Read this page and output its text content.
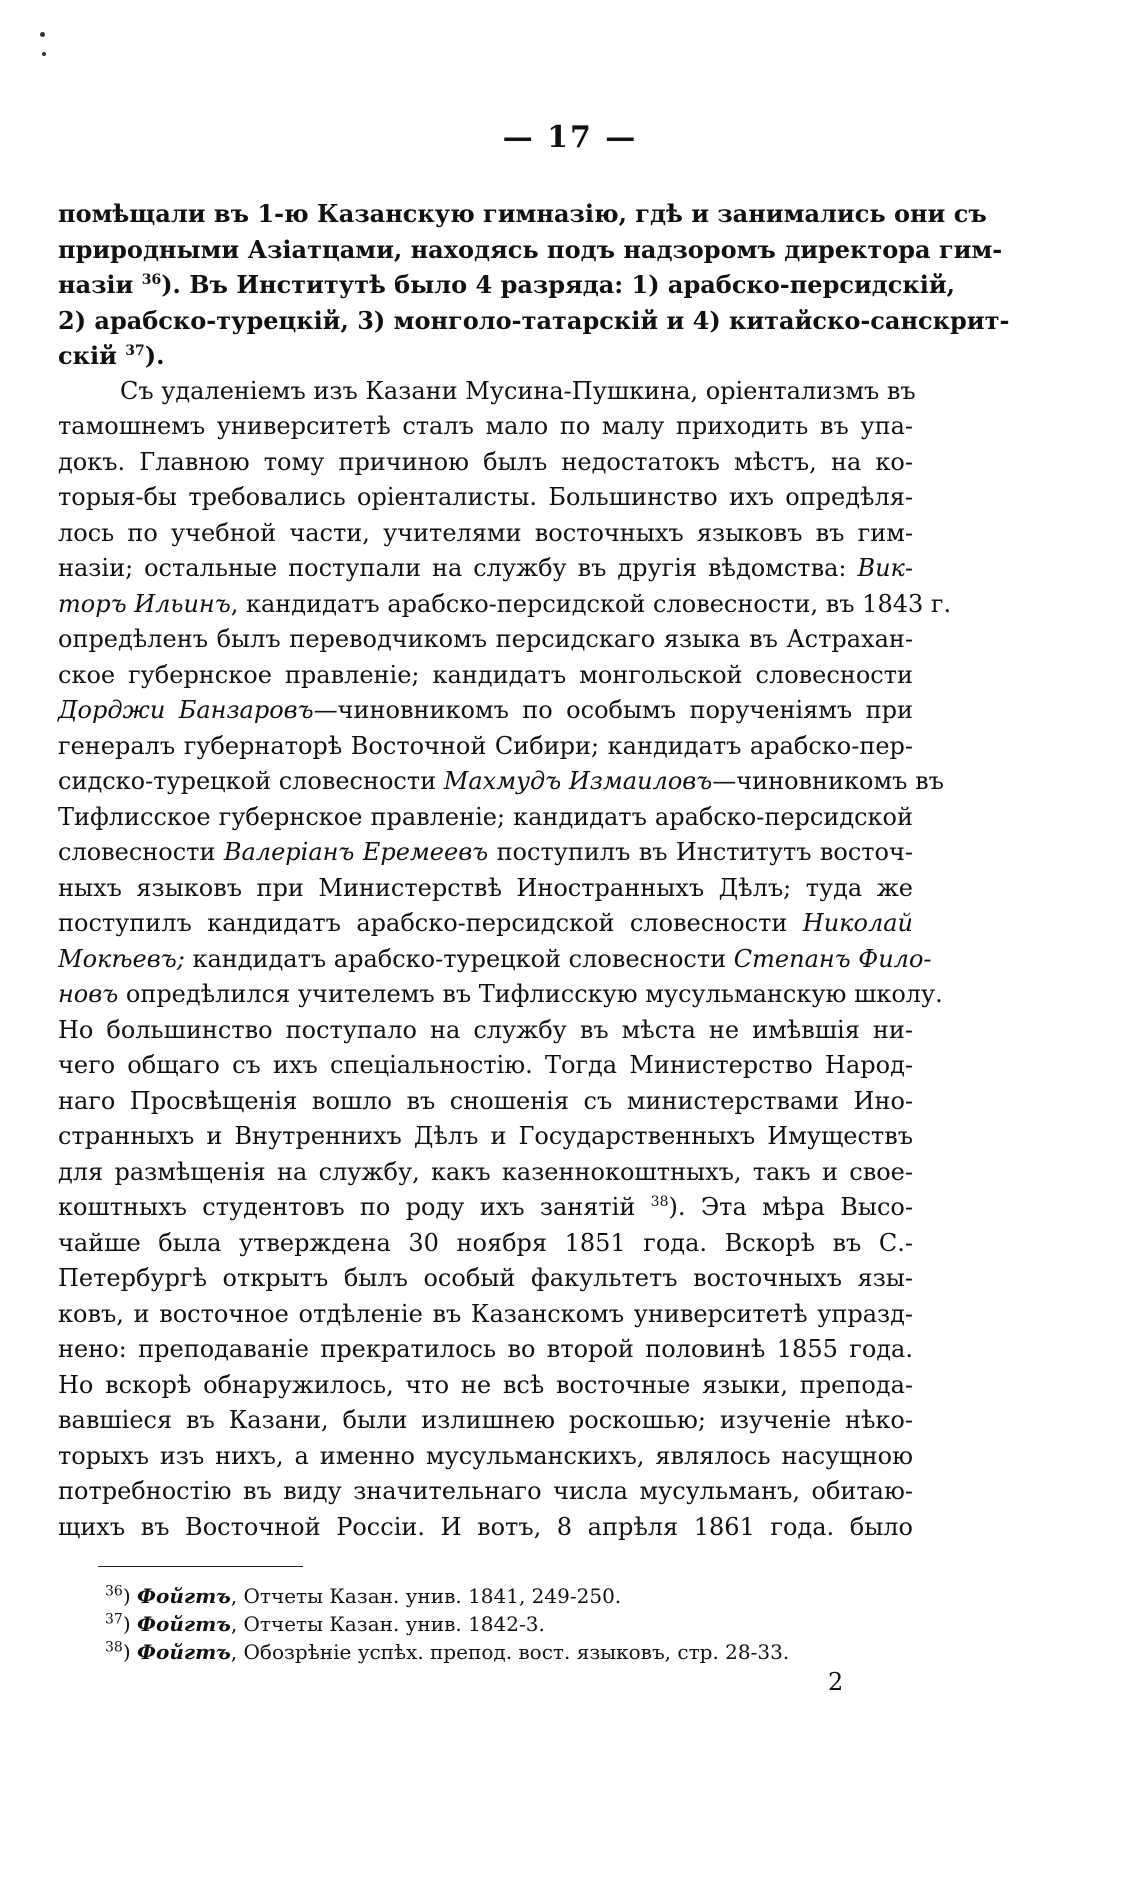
— 17 —

помѣщали въ 1-ю Казанскую гимназію, гдѣ и занимались они съ
природными Азіатцами, находясь подъ надзоромъ директора гим-
назіи $^{36}$). Въ Институтѣ было 4 разряда: 1) арабско-персидскій,
2) арабско-турецкій, 3) монголо-татарскій и 4) китайско-санскрит-
скій $^{37}$).

Съ удаленіемъ изъ Казани Мусина-Пушкина, оріентализмъ въ
тамошнемъ университетѣ сталъ мало по малу приходить въ упа-
докъ. Главною тому причиною былъ недостатокъ мѣстъ, на ко-
торыя-бы требовались оріенталисты. Большинство ихъ опредѣля-
лось по учебной части, учителями восточныхъ языковъ въ гим-
назіи; остальные поступали на службу въ другія вѣдомства: Вик-
торъ Ильинъ, кандидатъ арабско-персидской словесности, въ 1843 г.
опредѣленъ былъ переводчикомъ персидскаго языка въ Астрахан-
ское губернское правленіе; кандидатъ монгольской словесности
Дорджи Банзаровъ—чиновникомъ по особымъ порученіямъ при
генералъ губернаторѣ Восточной Сибири; кандидатъ арабско-пер-
сидско-турецкой словесности Махмудъ Измаиловъ—чиновникомъ въ
Тифлисское губернское правленіе; кандидатъ арабско-персидской
словесности Валеріанъ Еремеевъ поступилъ въ Институтъ восточ-
ныхъ языковъ при Министерствѣ Иностранныхъ Дѣлъ; туда же
поступилъ кандидатъ арабско-персидской словесности Николай
Мокѣевъ; кандидатъ арабско-турецкой словесности Степанъ Фило-
новъ опредѣлился учителемъ въ Тифлисскую мусульманскую школу.
Но большинство поступало на службу въ мѣста не имѣвшія ни-
чего общаго съ ихъ спеціальностію. Тогда Министерство Народ-
наго Просвѣщенія вошло въ сношенія съ министерствами Ино-
странныхъ и Внутреннихъ Дѣлъ и Государственныхъ Имуществъ
для размѣщенія на службу, какъ казеннокоштныхъ, такъ и свое-
коштныхъ студентовъ по роду ихъ занятій $^{38}$). Эта мѣра Высо-
чайше была утверждена 30 ноября 1851 года. Вскорѣ въ С.-
Петербургѣ открытъ былъ особый факультетъ восточныхъ язы-
ковъ, и восточное отдѣленіе въ Казанскомъ университетѣ упразд-
нено: преподаваніе прекратилось во второй половинѣ 1855 года.
Но вскорѣ обнаружилось, что не всѣ восточные языки, препода-
вавшіеся въ Казани, были излишнею роскошью; изученіе нѣко-
торыхъ изъ нихъ, а именно мусульманскихъ, являлось насущною
потребностію въ виду значительнаго числа мусульманъ, обитаю-
щихъ въ Восточной Россіи. И вотъ, 8 апрѣля 1861 года. было

$^{36}$) Фойгтъ, Отчеты Казан. унив. 1841, 249-250.
$^{37}$) Фойгтъ, Отчеты Казан. унив. 1842-3.
$^{38}$) Фойгтъ, Обозрѣніе успѣх. препод. вост. языковъ, стр. 28-33.
2
